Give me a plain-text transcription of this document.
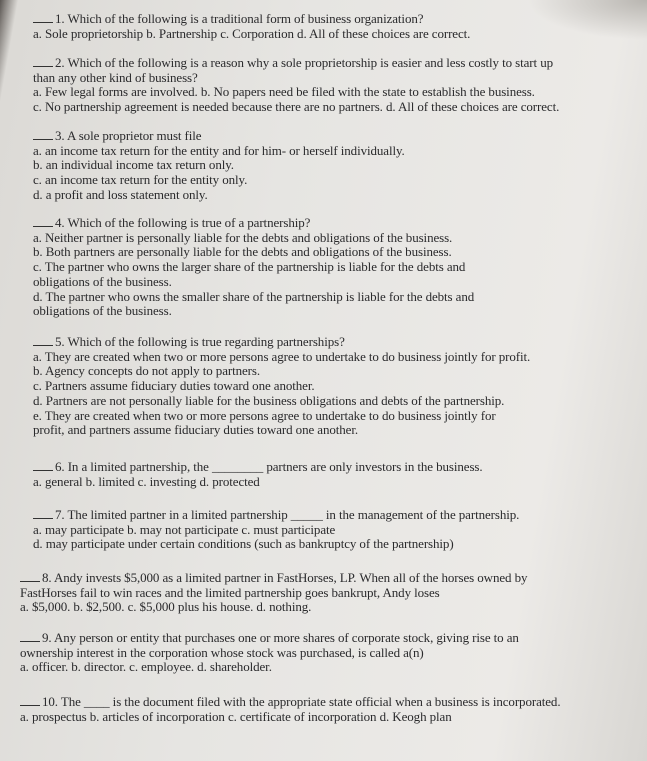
1. Which of the following is a traditional form of business organization?
a. Sole proprietorship b. Partnership c. Corporation d. All of these choices are correct.
2. Which of the following is a reason why a sole proprietorship is easier and less costly to start up
than any other kind of business?
a. Few legal forms are involved. b. No papers need be filed with the state to establish the business.
c. No partnership agreement is needed because there are no partners. d. All of these choices are correct.
3. A sole proprietor must file
a. an income tax return for the entity and for him- or herself individually.
b. an individual income tax return only.
c. an income tax return for the entity only.
d. a profit and loss statement only.
4. Which of the following is true of a partnership?
a. Neither partner is personally liable for the debts and obligations of the business.
b. Both partners are personally liable for the debts and obligations of the business.
c. The partner who owns the larger share of the partnership is liable for the debts and
obligations of the business.
d. The partner who owns the smaller share of the partnership is liable for the debts and
obligations of the business.
5. Which of the following is true regarding partnerships?
a. They are created when two or more persons agree to undertake to do business jointly for profit.
b. Agency concepts do not apply to partners.
c. Partners assume fiduciary duties toward one another.
d. Partners are not personally liable for the business obligations and debts of the partnership.
e. They are created when two or more persons agree to undertake to do business jointly for
profit, and partners assume fiduciary duties toward one another.
6. In a limited partnership, the ________ partners are only investors in the business.
a. general b. limited c. investing d. protected
7. The limited partner in a limited partnership _____ in the management of the partnership.
a. may participate b. may not participate c. must participate
d. may participate under certain conditions (such as bankruptcy of the partnership)
8. Andy invests $5,000 as a limited partner in FastHorses, LP. When all of the horses owned by
FastHorses fail to win races and the limited partnership goes bankrupt, Andy loses
a. $5,000. b. $2,500. c. $5,000 plus his house. d. nothing.
9. Any person or entity that purchases one or more shares of corporate stock, giving rise to an
ownership interest in the corporation whose stock was purchased, is called a(n)
a. officer. b. director. c. employee. d. shareholder.
10. The ____ is the document filed with the appropriate state official when a business is incorporated.
a. prospectus b. articles of incorporation c. certificate of incorporation d. Keogh plan
